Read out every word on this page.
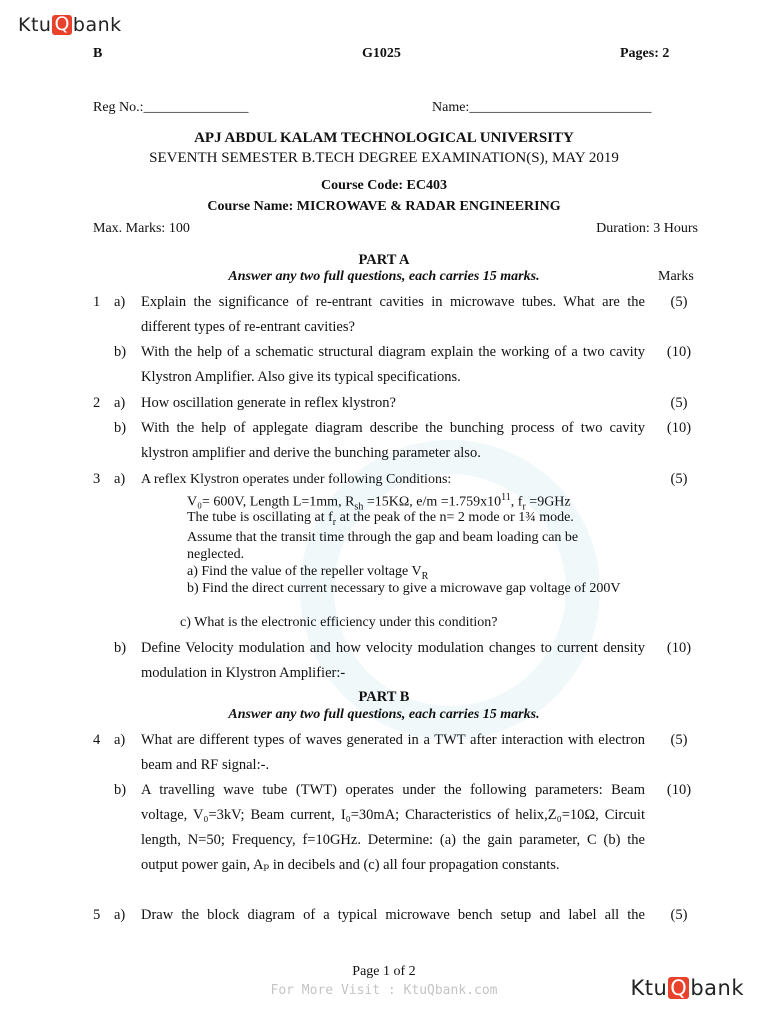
Ktu Q bank
B	G1025	Pages: 2
Reg No.:_______________	Name:__________________________
APJ ABDUL KALAM TECHNOLOGICAL UNIVERSITY
SEVENTH SEMESTER B.TECH DEGREE EXAMINATION(S), MAY 2019
Course Code: EC403
Course Name: MICROWAVE & RADAR ENGINEERING
Max. Marks: 100	Duration: 3 Hours
PART A
Answer any two full questions, each carries 15 marks.	Marks
1 a) Explain the significance of re-entrant cavities in microwave tubes. What are the different types of re-entrant cavities?
(5)
b) With the help of a schematic structural diagram explain the working of a two cavity Klystron Amplifier. Also give its typical specifications.
(10)
2 a) How oscillation generate in reflex klystron?	(5)
b) With the help of applegate diagram describe the bunching process of two cavity klystron amplifier and derive the bunching parameter also.
(10)
3 a) A reflex Klystron operates under following Conditions:	(5)
V₀= 600V, Length L=1mm, $R_{sh} =15K\Omega$, $e/m =1.759x10^{11}$, $f_r =9GHz$
The tube is oscillating at $f_r$ at the peak of the n= 2 mode or 1¾ mode.
Assume that the transit time through the gap and beam loading can be neglected.
a) Find the value of the repeller voltage $V_R$
b) Find the direct current necessary to give a microwave gap voltage of 200V
c) What is the electronic efficiency under this condition?
b) Define Velocity modulation and how velocity modulation changes to current density modulation in Klystron Amplifier:-
(10)
PART B
Answer any two full questions, each carries 15 marks.
4 a) What are different types of waves generated in a TWT after interaction with electron beam and RF signal:-.
(5)
b) A travelling wave tube (TWT) operates under the following parameters: Beam voltage, V₀=3kV; Beam current, I₀=30mA; Characteristics of helix,Z₀=10Ω, Circuit length, N=50; Frequency, f=10GHz. Determine: (a) the gain parameter, C (b) the output power gain, Aₚ in decibels and (c) all four propagation constants.
(10)
5 a) Draw the block diagram of a typical microwave bench setup and label all the	(5)
Page 1 of 2
For More Visit : KtuQbank.com	Ktu Q bank
